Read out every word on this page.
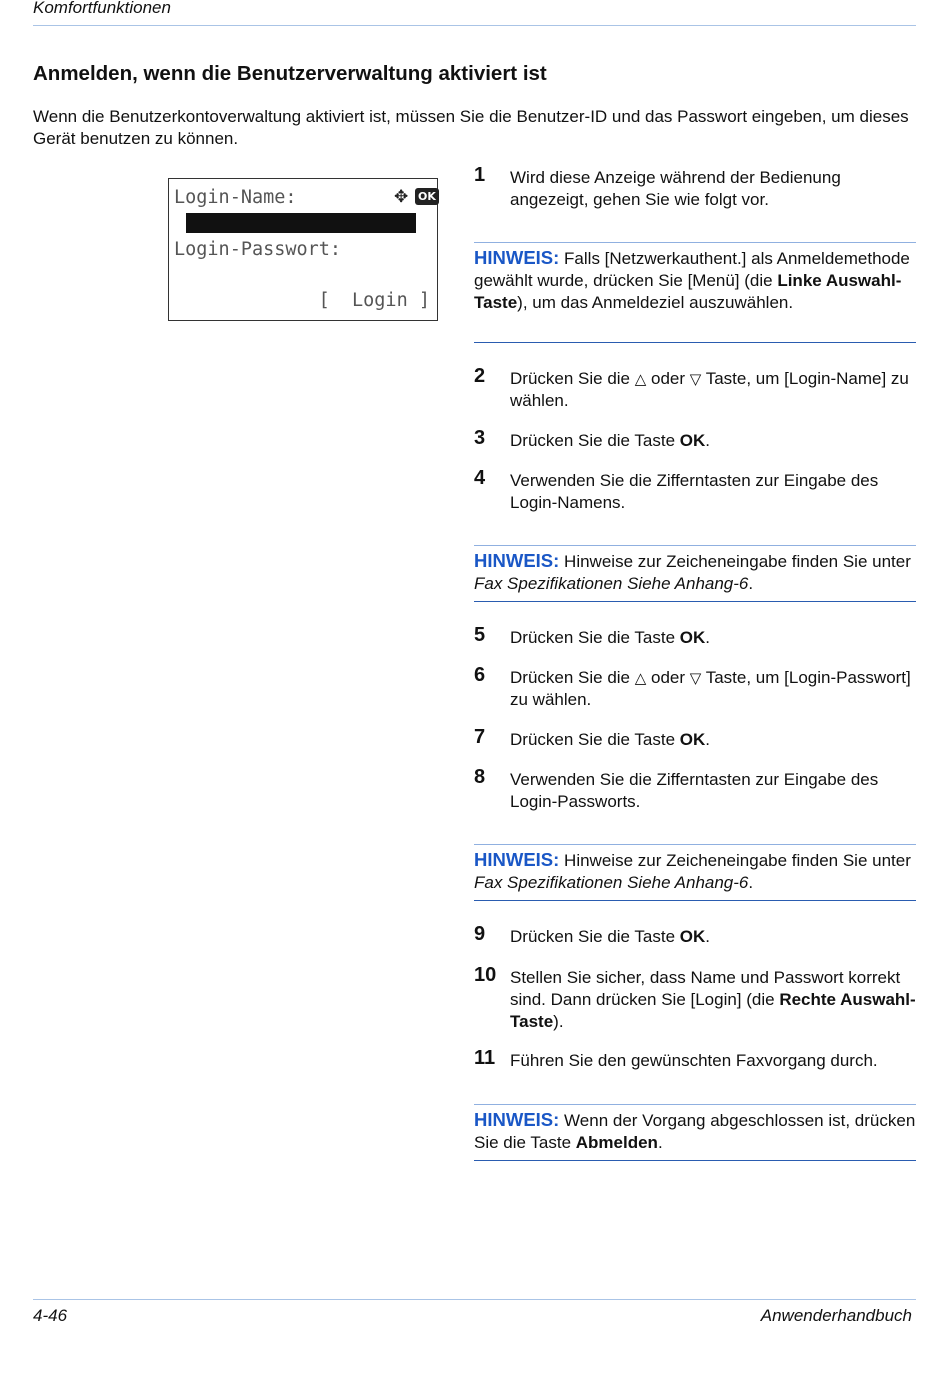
Komfortfunktionen
Anmelden, wenn die Benutzerverwaltung aktiviert ist

Wenn die Benutzerkontoverwaltung aktiviert ist, müssen Sie die Benutzer-ID und das Passwort eingeben, um dieses Gerät benutzen zu können.

Login-Name:	✥ OK
Login-Passwort:
[  Login ]
1 Wird diese Anzeige während der Bedienung angezeigt, gehen Sie wie folgt vor.
HINWEIS: Falls [Netzwerkauthent.] als Anmeldemethode gewählt wurde, drücken Sie [Menü] (die Linke Auswahl-Taste), um das Anmeldeziel auszuwählen.
2 Drücken Sie die △ oder ▽ Taste, um [Login-Name] zu wählen.
3 Drücken Sie die Taste OK.
4 Verwenden Sie die Zifferntasten zur Eingabe des Login-Namens.
HINWEIS: Hinweise zur Zeicheneingabe finden Sie unter Fax Spezifikationen Siehe Anhang-6.
5 Drücken Sie die Taste OK.
6 Drücken Sie die △ oder ▽ Taste, um [Login-Passwort] zu wählen.
7 Drücken Sie die Taste OK.
8 Verwenden Sie die Zifferntasten zur Eingabe des Login-Passworts.
HINWEIS: Hinweise zur Zeicheneingabe finden Sie unter Fax Spezifikationen Siehe Anhang-6.
9 Drücken Sie die Taste OK.
10 Stellen Sie sicher, dass Name und Passwort korrekt sind. Dann drücken Sie [Login] (die Rechte Auswahl-Taste).
11 Führen Sie den gewünschten Faxvorgang durch.
HINWEIS: Wenn der Vorgang abgeschlossen ist, drücken Sie die Taste Abmelden.
4-46	Anwenderhandbuch
